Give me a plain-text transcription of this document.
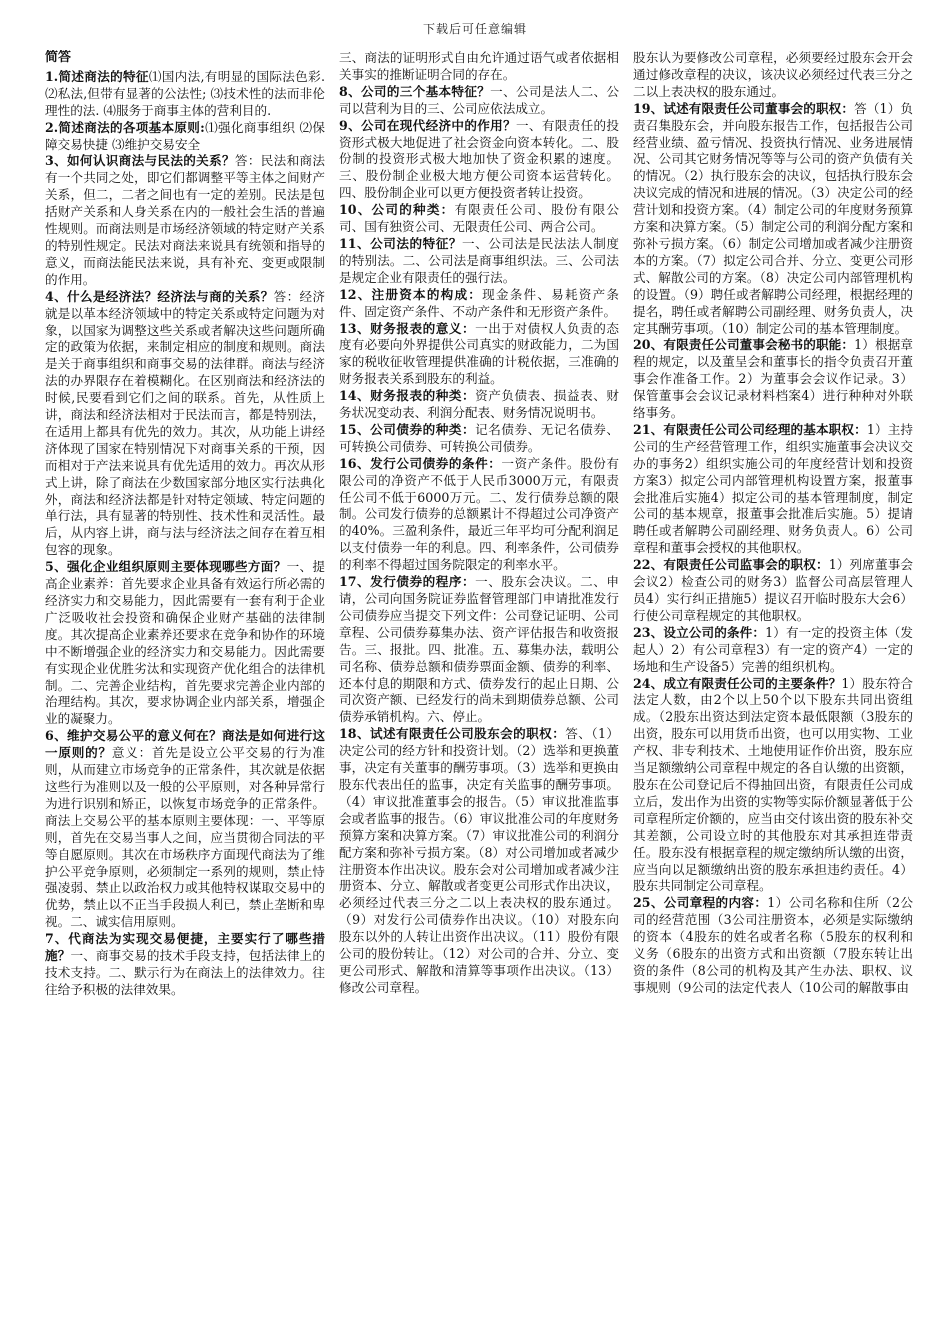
下载后可任意编辑
简答

1.简述商法的特征⑴国内法,有明显的国际法色彩. ⑵私法,但带有显著的公法性; ⑶技术性的法而非伦理性的法. ⑷服务于商事主体的营利目的.

2.简述商法的各项基本原则:⑴强化商事组织 ⑵保障交易快捷 ⑶维护交易安全

3、如何认识商法与民法的关系？答：民法和商法有一个共同之处，即它们都调整平等主体之间财产关系，但二，二者之间也有一定的差别。民法是包括财产关系和人身关系在内的一般社会生活的普遍性规则。而商法则是市场经济领域的特定财产关系的特别性规定。民法对商法来说具有统领和指导的意义，而商法能民法来说，具有补充、变更或限制的作用。

4、什么是经济法？经济法与商的关系？答：经济就是以革本经济领域中的特定关系或特定问题为对象，以国家为调整这些关系或者解决这些问题所确定的政策为依据，来制定相应的制度和规则。商法是关于商事组织和商事交易的法律群。商法与经济法的办界限存在着模糊化。在区别商法和经济法的时候,民要看到它们之间的联系。首先，从性质上讲，商法和经济法相对于民法而言，都是特别法，在适用上都具有优先的效力。其次，从功能上讲经济体现了国家在特别情况下对商事关系的干预，因而相对于产法来说具有优先适用的效力。再次从形式上讲，除了商法在少数国家部分地区实行法典化外，商法和经济法都是针对特定领域、特定问题的单行法，具有显著的特别性、技术性和灵活性。最后，从内容上讲，商与法与经济法之间存在着互相包容的现象。

5、强化企业组织原则主要体现哪些方面？一、提高企业素养：首先要求企业具备有效运行所必需的经济实力和交易能力，因此需要有一套有利于企业广泛吸收社会投资和确保企业财产基础的法律制度。其次提高企业素养还要求在竞争和协作的环境中不断增强企业的经济实力和交易能力。因此需要有实现企业优胜劣汰和实现资产优化组合的法律机制。二、完善企业结构，首先要求完善企业内部的治理结构。其次，要求协调企业内部关系，增强企业的凝聚力。

6、维护交易公平的意义何在？商法是如何进行这一原则的？意义：首先是设立公平交易的行为准则，从而建立市场竞争的正常条件，其次就是依据这些行为准则以及一般的公平原则，对各种异常行为进行识别和矫正，以恢复市场竞争的正常条件。商法上交易公平的基本原则主要体现：一、平等原则，首先在交易当事人之间，应当贯彻合同法的平等自愿原则。其次在市场秩序方面现代商法为了维护公平竞争原则，必须制定一系列的规则，禁止恃强凌弱、禁止以政治权力或其他特权谋取交易中的优势，禁止以不正当手段损人利已，禁止垄断和卑视。二、诚实信用原则。

7、代商法为实现交易便捷，主要实行了哪些措施？一、商事交易的技术手段支持，包括法律上的技术支持。二、默示行为在商法上的法律效力。往往给予积极的法律效果。

三、商法的证明形式自由允许通过语气或者依据相关事实的推断证明合同的存在。

8、公司的三个基本特征？一、公司是法人二、公司以营利为目的三、公司应依法成立。

9、公司在现代经济中的作用？一、有限责任的投资形式极大地促进了社会资金向资本转化。二、股份制的投资形式极大地加快了资金积累的速度。三、股份制企业极大地方便公司资本运营转化。四、股份制企业可以更方便投资者转让投资。

10、公司的种类：有限责任公司、股份有限公司、国有独资公司、无限责任公司、两合公司。

11、公司法的特征？一、公司法是民法法人制度的特别法。二、公司法是商事组织法。三、公司法是规定企业有限责任的强行法。

12、注册资本的构成：现金条件、易耗资产条件、固定资产条件、不动产条件和无形资产条件。

13、财务报表的意义：一出于对债权人负责的态度有必要向外界提供公司真实的财政能力，二为国家的税收征收管理提供准确的计税依据，三准确的财务报表关系到股东的利益。

14、财务报表的种类：资产负债表、损益表、财务状况变动表、利润分配表、财务情况说明书。

15、公司债券的种类：记名债券、无记名债券、可转换公司债券、可转换公司债券。

16、发行公司债券的条件：一资产条件。股份有限公司的净资产不低于人民币3000万元，有限责任公司不低于6000万元。二、发行债券总额的限制。公司发行债券的总额累计不得超过公司净资产的40%。三盈利条件，最近三年平均可分配利润足以支付债券一年的利息。四、利率条件，公司债券的利率不得超过国务院限定的利率水平。

17、发行债券的程序：一、股东会决议。二、申请，公司向国务院证券监督管理部门申请批准发行公司债券应当提交下列文件：公司登记证明、公司章程、公司债券募集办法、资产评估报告和收资报告。三、报批。四、批准。五、募集办法，载明公司名称、债券总额和债券票面金额、债券的利率、还本付息的期限和方式、债券发行的起止日期、公司次资产额、已经发行的尚未到期债券总额、公司债券承销机构。六、停止。

18、试述有限责任公司股东会的职权：答、（1）决定公司的经方针和投资计划。（2）选举和更换董事，决定有关董事的酬劳事项。（3）选举和更换由股东代表出任的监事，决定有关监事的酬劳事项。（4）审议批准董事会的报告。（5）审议批准监事会或者监事的报告。（6）审议批准公司的年度财务预算方案和决算方案。（7）审议批准公司的利润分配方案和弥补亏损方案。（8）对公司增加或者减少注册资本作出决议。股东会对公司增加或者减少注册资本、分立、解散或者变更公司形式作出决议，必须经过代表三分之二以上表决权的股东通过。（9）对发行公司债券作出决议。（10）对股东向股东以外的人转让出资作出决议。（11）股份有限公司的股份转让。（12）对公司的合并、分立、变更公司形式、解散和清算等事项作出决议。（13）修改公司章程。

股东认为要修改公司章程，必须要经过股东会开会通过修改章程的决议，该决议必须经过代表三分之二以上表决权的股东通过。

19、试述有限责任公司董事会的职权：答（1）负责召集股东会，并向股东报告工作，包括报告公司经营业绩、盈亏情况、投资执行情况、业务进展情况、公司其它财务情况等等与公司的资产负债有关的情况。（2）执行股东会的决议，包括执行股东会决议完成的情况和进展的情况。（3）决定公司的经营计划和投资方案。（4）制定公司的年度财务预算方案和决算方案。（5）制定公司的利润分配方案和弥补亏损方案。（6）制定公司增加或者减少注册资本的方案。（7）拟定公司合并、分立、变更公司形式、解散公司的方案。（8）决定公司内部管理机构的设置。（9）聘任或者解聘公司经理，根据经理的提名，聘任或者解聘公司副经理、财务负责人，决定其酬劳事项。（10）制定公司的基本管理制度。

20、有限责任公司董事会秘书的职能：1）根据章程的规定，以及董呈会和董事长的指令负责召开董事会作准备工作。2）为董事会会议作记录。3）保管董事会会议记录材料档案4）进行种种对外联络事务。

21、有限责任公司公司经理的基本职权：1）主持公司的生产经营管理工作，组织实施董事会决议交办的事务2）组织实施公司的年度经营计划和投资方案3）拟定公司内部管理机构设置方案，报董事会批准后实施4）拟定公司的基本管理制度，制定公司的基本规章，报董事会批准后实施。5）提请聘任或者解聘公司副经理、财务负责人。6）公司章程和董事会授权的其他职权。

22、有限责任公司监事会的职权：1）列席董事会会议2）检查公司的财务3）监督公司高层管理人员4）实行纠正措施5）提议召开临时股东大会6）行使公司章程规定的其他职权。

23、设立公司的条件：1）有一定的投资主体（发起人）2）有公司章程3）有一定的资产4）一定的场地和生产设备5）完善的组织机构。

24、成立有限责任公司的主要条件？1）股东符合法定人数，由2个以上50个以下股东共同出资组成。（2股东出资达到法定资本最低限额（3股东的出资，股东可以用货币出资，也可以用实物、工业产权、非专利技术、土地使用证作价出资，股东应当足额缴纳公司章程中规定的各自认缴的出资额，股东在公司登记后不得抽回出资，有限责任公司成立后，发出作为出资的实物等实际价额显著低于公司章程所定价额的，应当由交付该出资的股东补交其差额，公司设立时的其他股东对其承担连带责任。股东没有根据章程的规定缴纳所认缴的出资，应当向以足额缴纳出资的股东承担违约责任。4）股东共同制定公司章程。

25、公司章程的内容：1）公司名称和住所（2公司的经营范围（3公司注册资本，必须是实际缴纳的资本（4股东的姓名或者名称（5股东的权利和义务（6股东的出资方式和出资额（7股东转让出资的条件（8公司的机构及其产生办法、职权、议事规则（9公司的法定代表人（10公司的解散事由
